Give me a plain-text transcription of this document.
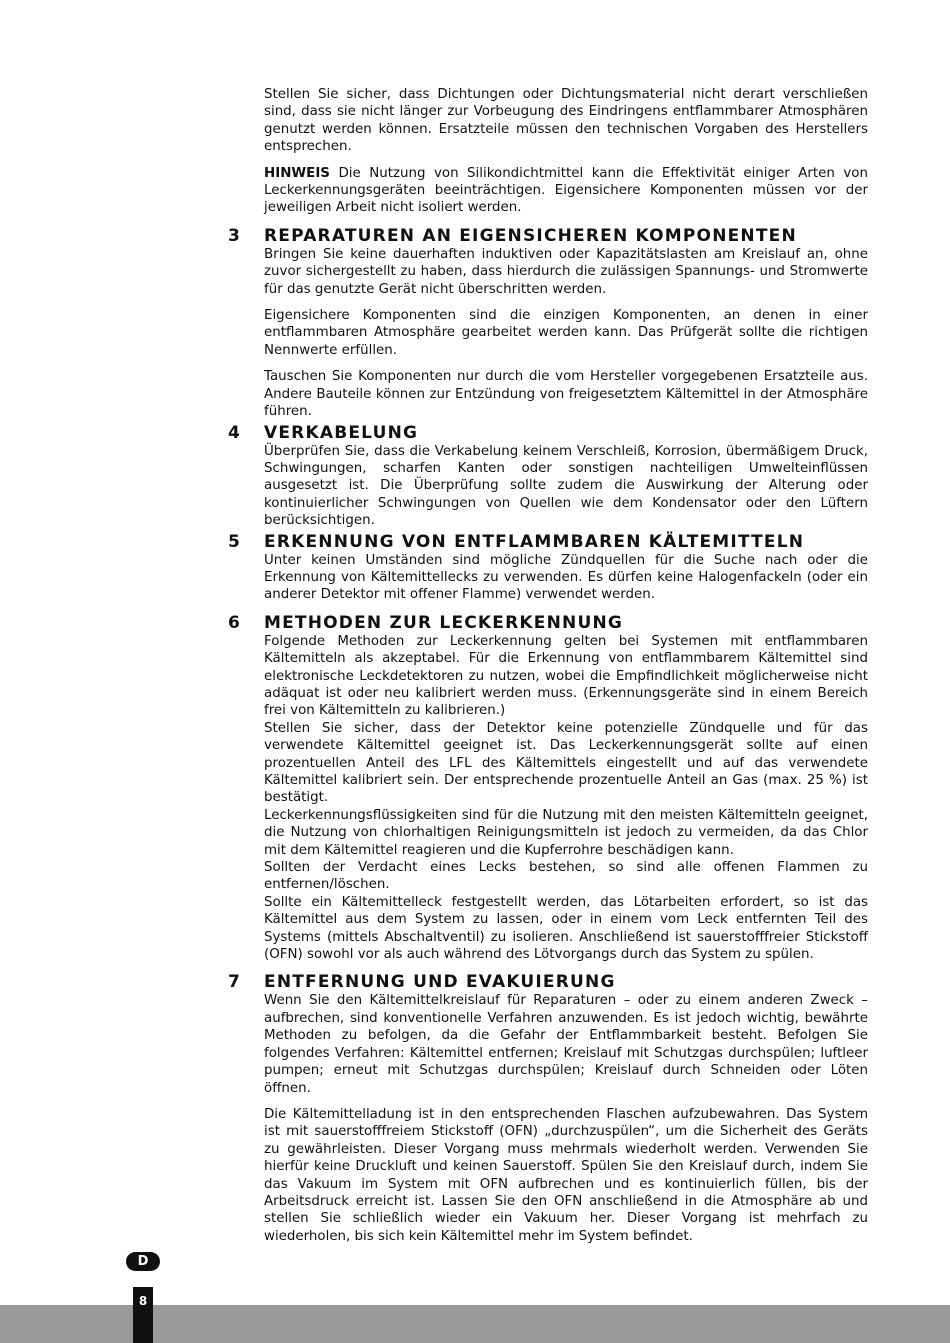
Stellen Sie sicher, dass Dichtungen oder Dichtungsmaterial nicht derart verschließen sind, dass sie nicht länger zur Vorbeugung des Eindringens entflammbarer Atmosphären genutzt werden können. Ersatzteile müssen den technischen Vorgaben des Herstellers entsprechen.

HINWEIS Die Nutzung von Silikondichtmittel kann die Effektivität einiger Arten von Leckerkennungsgeräten beeinträchtigen. Eigensichere Komponenten müssen vor der jeweiligen Arbeit nicht isoliert werden.

3	REPARATUREN AN EIGENSICHEREN KOMPONENTEN

Bringen Sie keine dauerhaften induktiven oder Kapazitätslasten am Kreislauf an, ohne zuvor sichergestellt zu haben, dass hierdurch die zulässigen Spannungs- und Stromwerte für das genutzte Gerät nicht überschritten werden.

Eigensichere Komponenten sind die einzigen Komponenten, an denen in einer entflammbaren Atmosphäre gearbeitet werden kann. Das Prüfgerät sollte die richtigen Nennwerte erfüllen.

Tauschen Sie Komponenten nur durch die vom Hersteller vorgegebenen Ersatzteile aus. Andere Bauteile können zur Entzündung von freigesetztem Kältemittel in der Atmosphäre führen.

4	VERKABELUNG

Überprüfen Sie, dass die Verkabelung keinem Verschleiß, Korrosion, übermäßigem Druck, Schwingungen, scharfen Kanten oder sonstigen nachteiligen Umwelteinflüssen ausgesetzt ist. Die Überprüfung sollte zudem die Auswirkung der Alterung oder kontinuierlicher Schwingungen von Quellen wie dem Kondensator oder den Lüftern berücksichtigen.

5	ERKENNUNG VON ENTFLAMMBAREN KÄLTEMITTELN

Unter keinen Umständen sind mögliche Zündquellen für die Suche nach oder die Erkennung von Kältemittellecks zu verwenden. Es dürfen keine Halogenfackeln (oder ein anderer Detektor mit offener Flamme) verwendet werden.

6	METHODEN ZUR LECKERKENNUNG

Folgende Methoden zur Leckerkennung gelten bei Systemen mit entflammbaren Kältemitteln als akzeptabel. Für die Erkennung von entflammbarem Kältemittel sind elektronische Leckdetektoren zu nutzen, wobei die Empfindlichkeit möglicherweise nicht adäquat ist oder neu kalibriert werden muss. (Erkennungsgeräte sind in einem Bereich frei von Kältemitteln zu kalibrieren.)

Stellen Sie sicher, dass der Detektor keine potenzielle Zündquelle und für das verwendete Kältemittel geeignet ist. Das Leckerkennungsgerät sollte auf einen prozentuellen Anteil des LFL des Kältemittels eingestellt und auf das verwendete Kältemittel kalibriert sein. Der entsprechende prozentuelle Anteil an Gas (max. 25 %) ist bestätigt.

Leckerkennungsflüssigkeiten sind für die Nutzung mit den meisten Kältemitteln geeignet, die Nutzung von chlorhaltigen Reinigungsmitteln ist jedoch zu vermeiden, da das Chlor mit dem Kältemittel reagieren und die Kupferrohre beschädigen kann.

Sollten der Verdacht eines Lecks bestehen, so sind alle offenen Flammen zu entfernen/löschen.

Sollte ein Kältemittelleck festgestellt werden, das Lötarbeiten erfordert, so ist das Kältemittel aus dem System zu lassen, oder in einem vom Leck entfernten Teil des Systems (mittels Abschaltventil) zu isolieren. Anschließend ist sauerstofffreier Stickstoff (OFN) sowohl vor als auch während des Lötvorgangs durch das System zu spülen.

7	ENTFERNUNG UND EVAKUIERUNG

Wenn Sie den Kältemittelkreislauf für Reparaturen – oder zu einem anderen Zweck – aufbrechen, sind konventionelle Verfahren anzuwenden. Es ist jedoch wichtig, bewährte Methoden zu befolgen, da die Gefahr der Entflammbarkeit besteht. Befolgen Sie folgendes Verfahren: Kältemittel entfernen; Kreislauf mit Schutzgas durchspülen; luftleer pumpen; erneut mit Schutzgas durchspülen; Kreislauf durch Schneiden oder Löten öffnen.

Die Kältemittelladung ist in den entsprechenden Flaschen aufzubewahren. Das System ist mit sauerstofffreiem Stickstoff (OFN) „durchzuspülen“, um die Sicherheit des Geräts zu gewährleisten. Dieser Vorgang muss mehrmals wiederholt werden. Verwenden Sie hierfür keine Druckluft und keinen Sauerstoff. Spülen Sie den Kreislauf durch, indem Sie das Vakuum im System mit OFN aufbrechen und es kontinuierlich füllen, bis der Arbeitsdruck erreicht ist. Lassen Sie den OFN anschließend in die Atmosphäre ab und stellen Sie schließlich wieder ein Vakuum her. Dieser Vorgang ist mehrfach zu wiederholen, bis sich kein Kältemittel mehr im System befindet.

D
8
